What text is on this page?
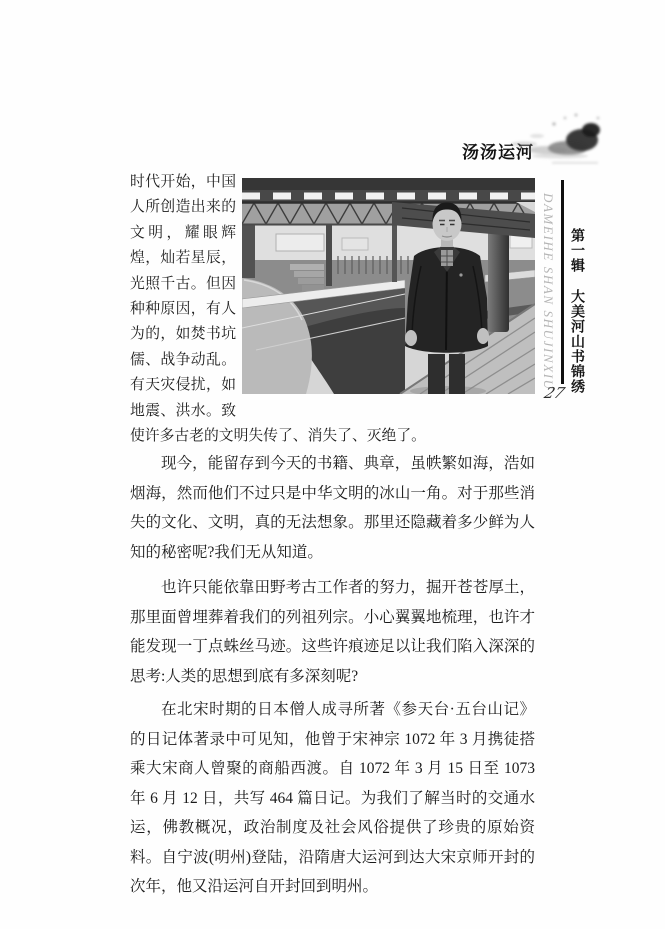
汤汤运河
DAMEIHE SHAN SHUJINXIU 第一辑大美河山书锦绣
27

时代开始，中国人所创造出来的文明，耀眼辉煌，灿若星辰，光照千古。但因种种原因，有人为的，如焚书坑儒、战争动乱。有天灾侵扰，如地震、洪水。致使许多古老的文明失传了、消失了、灭绝了。

现今，能留存到今天的书籍、典章，虽帙繁如海，浩如烟海，然而他们不过只是中华文明的冰山一角。对于那些消失的文化、文明，真的无法想象。那里还隐藏着多少鲜为人知的秘密呢?我们无从知道。

也许只能依靠田野考古工作者的努力，掘开苍苍厚土，那里面曾埋葬着我们的列祖列宗。小心翼翼地梳理，也许才能发现一丁点蛛丝马迹。这些许痕迹足以让我们陷入深深的思考:人类的思想到底有多深刻呢?

在北宋时期的日本僧人成寻所著《参天台·五台山记》的日记体著录中可见知，他曾于宋神宗 1072 年 3 月携徒搭乘大宋商人曾聚的商船西渡。自 1072 年 3 月 15 日至 1073 年 6 月 12 日，共写 464 篇日记。为我们了解当时的交通水运，佛教概况，政治制度及社会风俗提供了珍贵的原始资料。自宁波(明州)登陆，沿隋唐大运河到达大宋京师开封的次年，他又沿运河自开封回到明州。
